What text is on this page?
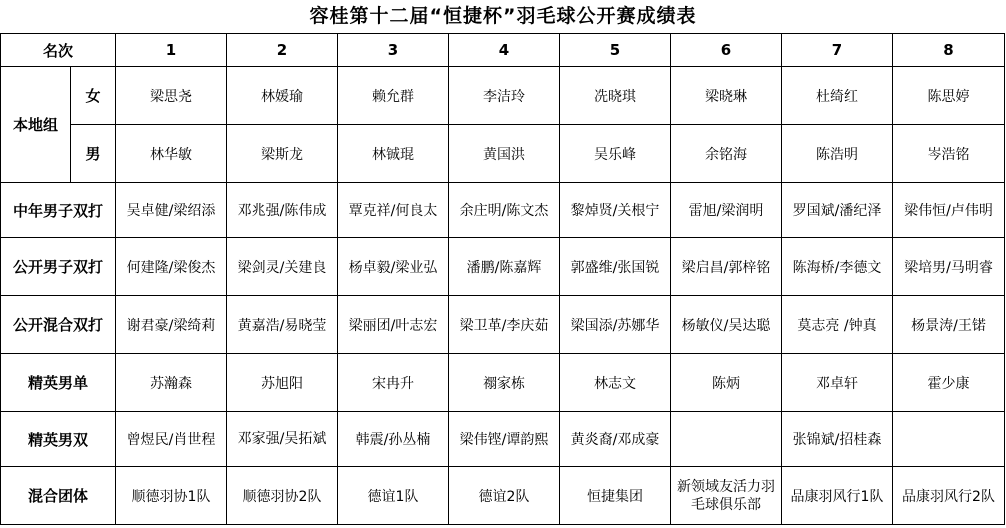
容桂第十二届“恒捷杯”羽毛球公开赛成绩表
名次		1	2	3	4	5	6	7	8
本地组	女	梁思尧	林媛瑜	赖允群	李洁玲	冼晓琪	梁晓琳	杜绮红	陈思婷
	男	林华敏	梁斯龙	林铖琨	黄国洪	吴乐峰	余铭海	陈浩明	岑浩铭
中年男子双打		吴卓健/梁绍添	邓兆强/陈伟成	覃克祥/何良太	余庄明/陈文杰	黎焯贤/关根宁	雷旭/梁润明	罗国斌/潘纪泽	梁伟恒/卢伟明
公开男子双打		何建隆/梁俊杰	梁剑灵/关建良	杨卓毅/梁业弘	潘鹏/陈嘉辉	郭盛维/张国锐	梁启昌/郭梓铭	陈海桥/李德文	梁培男/马明睿
公开混合双打		谢君豪/梁绮莉	黄嘉浩/易晓莹	梁丽团/叶志宏	梁卫革/李庆茹	梁国添/苏娜华	杨敏仪/吴达聪	莫志亮 /钟真	杨景涛/王锘
精英男单		苏瀚森	苏旭阳	宋冉升	禤家栋	林志文	陈炳	邓卓轩	霍少康
精英男双		曾煜民/肖世程	邓家强/吴拓斌	韩震/孙丛楠	梁伟铿/谭韵熙	黄炎裔/邓成豪		张锦斌/招桂森	
混合团体		顺德羽协1队	顺德羽协2队	德谊1队	德谊2队	恒捷集团	新领域友活力羽毛球俱乐部	品康羽风行1队	品康羽风行2队
